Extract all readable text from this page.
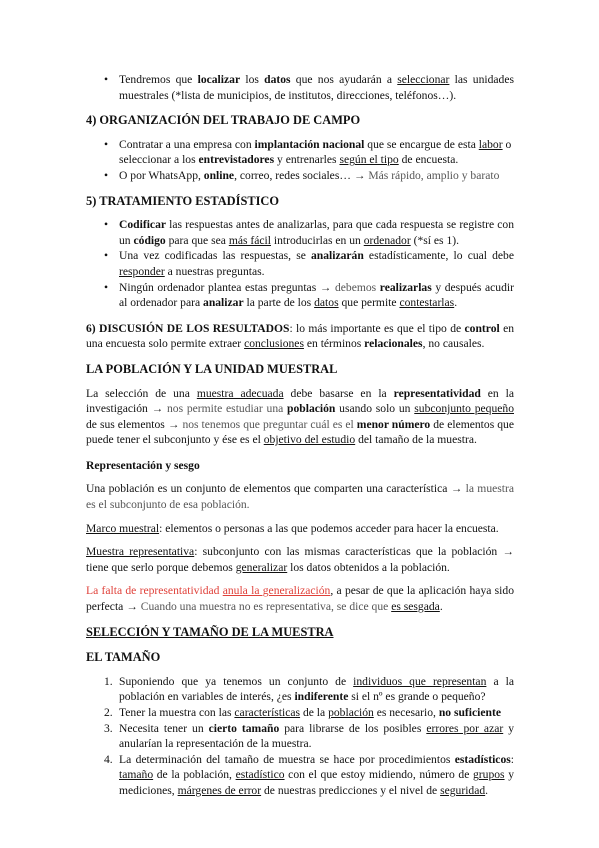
• Tendremos que localizar los datos que nos ayudarán a seleccionar las unidades muestrales (*lista de municipios, de institutos, direcciones, teléfonos…).

4) ORGANIZACIÓN DEL TRABAJO DE CAMPO

• Contratar a una empresa con implantación nacional que se encargue de esta labor o seleccionar a los entrevistadores y entrenarles según el tipo de encuesta.

• O por WhatsApp, online, correo, redes sociales… → Más rápido, amplio y barato

5) TRATAMIENTO ESTADÍSTICO

• Codificar las respuestas antes de analizarlas, para que cada respuesta se registre con un código para que sea más fácil introducirlas en un ordenador (*sí es 1).

• Una vez codificadas las respuestas, se analizarán estadísticamente, lo cual debe responder a nuestras preguntas.

• Ningún ordenador plantea estas preguntas → debemos realizarlas y después acudir al ordenador para analizar la parte de los datos que permite contestarlas.

6) DISCUSIÓN DE LOS RESULTADOS: lo más importante es que el tipo de control en una encuesta solo permite extraer conclusiones en términos relacionales, no causales.

LA POBLACIÓN Y LA UNIDAD MUESTRAL

La selección de una muestra adecuada debe basarse en la representatividad en la investigación → nos permite estudiar una población usando solo un subconjunto pequeño de sus elementos → nos tenemos que preguntar cuál es el menor número de elementos que puede tener el subconjunto y ése es el objetivo del estudio del tamaño de la muestra.

Representación y sesgo

Una población es un conjunto de elementos que comparten una característica → la muestra es el subconjunto de esa población.

Marco muestral: elementos o personas a las que podemos acceder para hacer la encuesta.

Muestra representativa: subconjunto con las mismas características que la población → tiene que serlo porque debemos generalizar los datos obtenidos a la población.

La falta de representatividad anula la generalización, a pesar de que la aplicación haya sido perfecta → Cuando una muestra no es representativa, se dice que es sesgada.

SELECCIÓN Y TAMAÑO DE LA MUESTRA

EL TAMAÑO

1. Suponiendo que ya tenemos un conjunto de individuos que representan a la población en variables de interés, ¿es indiferente si el nº es grande o pequeño?

2. Tener la muestra con las características de la población es necesario, no suficiente

3. Necesita tener un cierto tamaño para librarse de los posibles errores por azar y anularían la representación de la muestra.

4. La determinación del tamaño de muestra se hace por procedimientos estadísticos: tamaño de la población, estadístico con el que estoy midiendo, número de grupos y mediciones, márgenes de error de nuestras predicciones y el nivel de seguridad.
